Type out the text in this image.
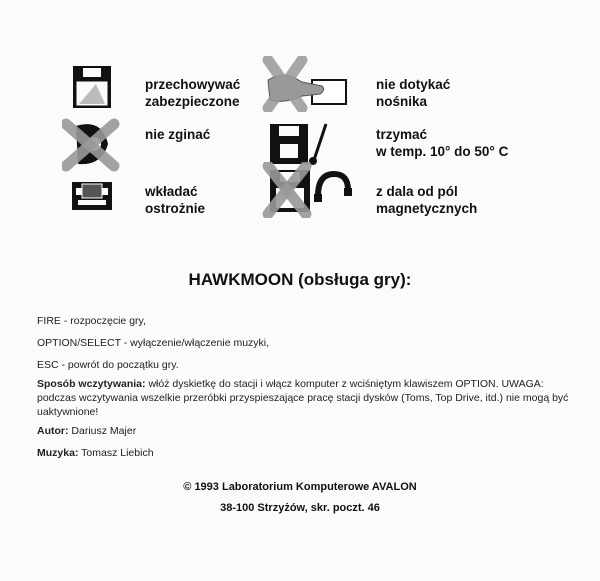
przechowywać
zabezpieczone
nie dotykać
nośnika
nie zginać	trzymać
w temp. 10° do 50° C
wkładać
ostrożnie
z dala od pól
magnetycznych
HAWKMOON (obsługa gry):
FIRE - rozpoczęcie gry,
OPTION/SELECT - wyłączenie/włączenie muzyki,
ESC - powrót do początku gry.
Sposób wczytywania: włóż dyskietkę do stacji i włącz komputer z wciśniętym klawiszem OPTION. UWAGA: podczas wczytywania wszelkie przeróbki przyspieszające pracę stacji dysków (Toms, Top Drive, itd.) nie mogą być uaktywnione!
Autor: Dariusz Majer
Muzyka: Tomasz Liebich
© 1993 Laboratorium Komputerowe AVALON
38-100 Strzyżów, skr. poczt. 46
